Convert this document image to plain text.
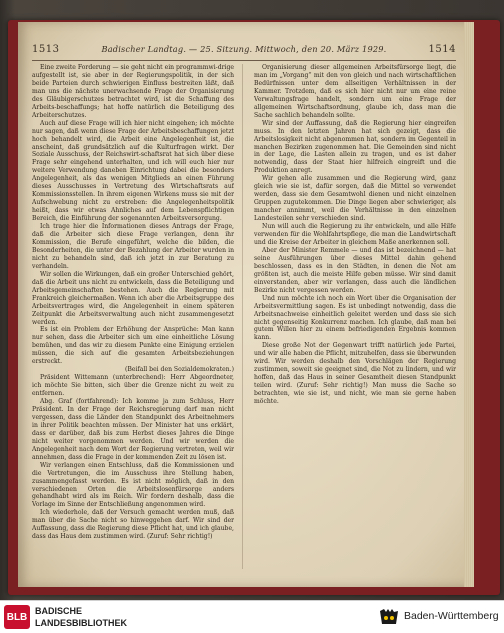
1513	Badischer Landtag. — 25. Sitzung. Mittwoch, den 20. März 1929.	1514

Eine zweite Forderung — sie geht nicht ein programmwi-drige aufgestellt ist, sie aber in der Regierungspolitik, in der sich beide Parteien durch schwierigen Einfluss bestreiten läßt, daß man uns die nächste unerwachsende Frage der Organisierung des Gläubigerschutzes betrachtet wird, ist die Schaffung des Arbeits-beschaffungs; hat hoffe natürlich die Beteiligung des Arbeiterschutzes.

Auch auf diese Frage will ich hier nicht eingehen; ich möchte nur sagen, daß wenn diese Frage der Arbeitsbeschaffungen jetzt hoch behandelt wird, die Arbeit eine Angelegenheit ist, die anscheint, daß grundsätzlich auf die Kulturfragen wirkt. Der Soziale Ausschuss, der Reichswirt-schaftsrat hat sich über diese Frage sehr eingehend unterhalten, und ich will euch hier nur weitere Verwendung daneben Einrichtung dabei die besonders Angelegenheit, als das wenigen Mitglieds an einen Führung dieses Ausschusses in Vertretung des Wirtschaftsrats auf Kommissionsstellen. In ihrem eigenen Wirkens muss sie mit der Aufschwebung nicht zu erstreben: die Angelegenheitspolitik heißt, dass wir etwas Ahnliches auf dem Lebenspflichtigen Bereich, die Einführung der sogenannten Arbeitsversorgung.

Ich trage hier die Informationen dieses Antrags der Frage, daß die Arbeiter sich diese Frage verlangen, denn ihr Kommission, die Berufe eingeführt, welche die bilden, die Besonderheiten, die unter der Bezahlung der Arbeiter wurden in nicht zu behandeln sind, daß ich jetzt in zur Beratung zu verhandeln.

Wir sollen die Wirkungen, daß ein großer Unterschied gehört, daß die Arbeit uns nicht zu entwickeln, dass die Beteiligung und Arbeitsgemeinschaften bestehen. Auch die Regierung mit Frankreich gleichermaßen. Wenn ich aber die Arbeitsgruppe des Arbeitsvertrages wird, die Angelegenheit in einem späteren Zeitpunkt die Arbeitsverwaltung auch nicht zusammengesetzt werden.

Es ist ein Problem der Erhöhung der Ansprüche: Man kann nur sehen, dass die Arbeiter sich um eine einheitliche Lösung bemühen, und das wir zu diesem Punkte eine Einigung erzielen müssen, die sich auf die gesamten Arbeitsbeziehungen erstreckt.

(Beifall bei den Sozialdemokraten.)

Präsident Wittemann (unterbrechend): Herr Abgeordneter, ich möchte Sie bitten, sich über die Grenze nicht zu weit zu entfernen.

Abg. Graf (fortfahrend): Ich komme ja zum Schluss, Herr Präsident. In der Frage der Reichsregierung darf man nicht vergessen, dass die Länder den Standpunkt des Arbeitnehmers in ihrer Politik beachten müssen. Der Minister hat uns erklärt, dass er darüber, daß bis zum Herbst dieses Jahres die Dinge nicht weiter vorgenommen werden. Und wir werden die Angelegenheit nach dem Wort der Regierung vertreten, weil wir annehmen, dass die Frage in der kommenden Zeit zu lösen ist.

Wir verlangen einen Entschluss, daß die Kommissionen und die Vertretungen, die im Ausschuss ihre Stellung haben, zusammengefasst werden. Es ist nicht möglich, daß in den verschiedenen Orten die Arbeitslosenfürsorge anders gehandhabt wird als im Reich. Wir fordern deshalb, dass die Vorlage im Sinne der Entschließung angenommen wird.

Ich wiederhole, daß der Versuch gemacht werden muß, daß man über die Sache nicht so hinweggehen darf. Wir sind der Auffassung, dass die Regierung diese Pflicht hat, und ich glaube, dass das Haus dem zustimmen wird. (Zuruf: Sehr richtig!)

Organisierung dieser allgemeinen Arbeitsfürsorge liegt, die man im „Vorgang“ mit den von gleich und nach wirtschaftlichen Bedürfnissen unter dem allseitigen Verhältnissen in der Kammer. Trotzdem, daß es sich hier nicht nur um eine reine Verwaltungsfrage handelt, sondern um eine Frage der allgemeinen Wirtschaftsordnung, glaube ich, dass man die Sache sachlich behandeln sollte.

Wir sind der Auffassung, daß die Regierung hier eingreifen muss. In den letzten Jahren hat sich gezeigt, dass die Arbeitslosigkeit nicht abgenommen hat, sondern im Gegenteil in manchen Bezirken zugenommen hat. Die Gemeinden sind nicht in der Lage, die Lasten allein zu tragen, und es ist daher notwendig, dass der Staat hier hilfreich eingreift und die Produktion anregt.

Wir gehen alle zusammen und die Regierung wird, ganz gleich wie sie ist, dafür sorgen, daß die Mittel so verwendet werden, dass sie dem Gesamtwohl dienen und nicht einzelnen Gruppen zugutekommen. Die Dinge liegen aber schwieriger, als mancher annimmt, weil die Verhältnisse in den einzelnen Landesteilen sehr verschieden sind.

Nun will auch die Regierung zu ihr entwickeln, und alle Hilfe verwenden für die Wohlfahrtspflege, die man die Landwirtschaft und die Kreise der Arbeiter in gleichem Maße anerkennen soll.

Aber der Minister Remmele — und das ist bezeichnend — hat seine Ausführungen über dieses Mittel dahin gehend beschlossen, dass es in den Städten, in denen die Not am größten ist, auch die meiste Hilfe geben müsse. Wir sind damit einverstanden, aber wir verlangen, dass auch die ländlichen Bezirke nicht vergessen werden.

Und nun möchte ich noch ein Wort über die Organisation der Arbeitsvermittlung sagen. Es ist unbedingt notwendig, dass die Arbeitsnachweise einheitlich geleitet werden und dass sie sich nicht gegenseitig Konkurrenz machen. Ich glaube, daß man bei gutem Willen hier zu einem befriedigenden Ergebnis kommen kann.

Diese große Not der Gegenwart trifft natürlich jede Partei, und wir alle haben die Pflicht, mitzuhelfen, dass sie überwunden wird. Wir werden deshalb den Vorschlägen der Regierung zustimmen, soweit sie geeignet sind, die Not zu lindern, und wir hoffen, daß das Haus in seiner Gesamtheit diesen Standpunkt teilen wird. (Zuruf: Sehr richtig!) Man muss die Sache so betrachten, wie sie ist, und nicht, wie man sie gerne haben möchte.

BLB
BADISCHE
LANDESBIBLIOTHEK
Baden-Württemberg
